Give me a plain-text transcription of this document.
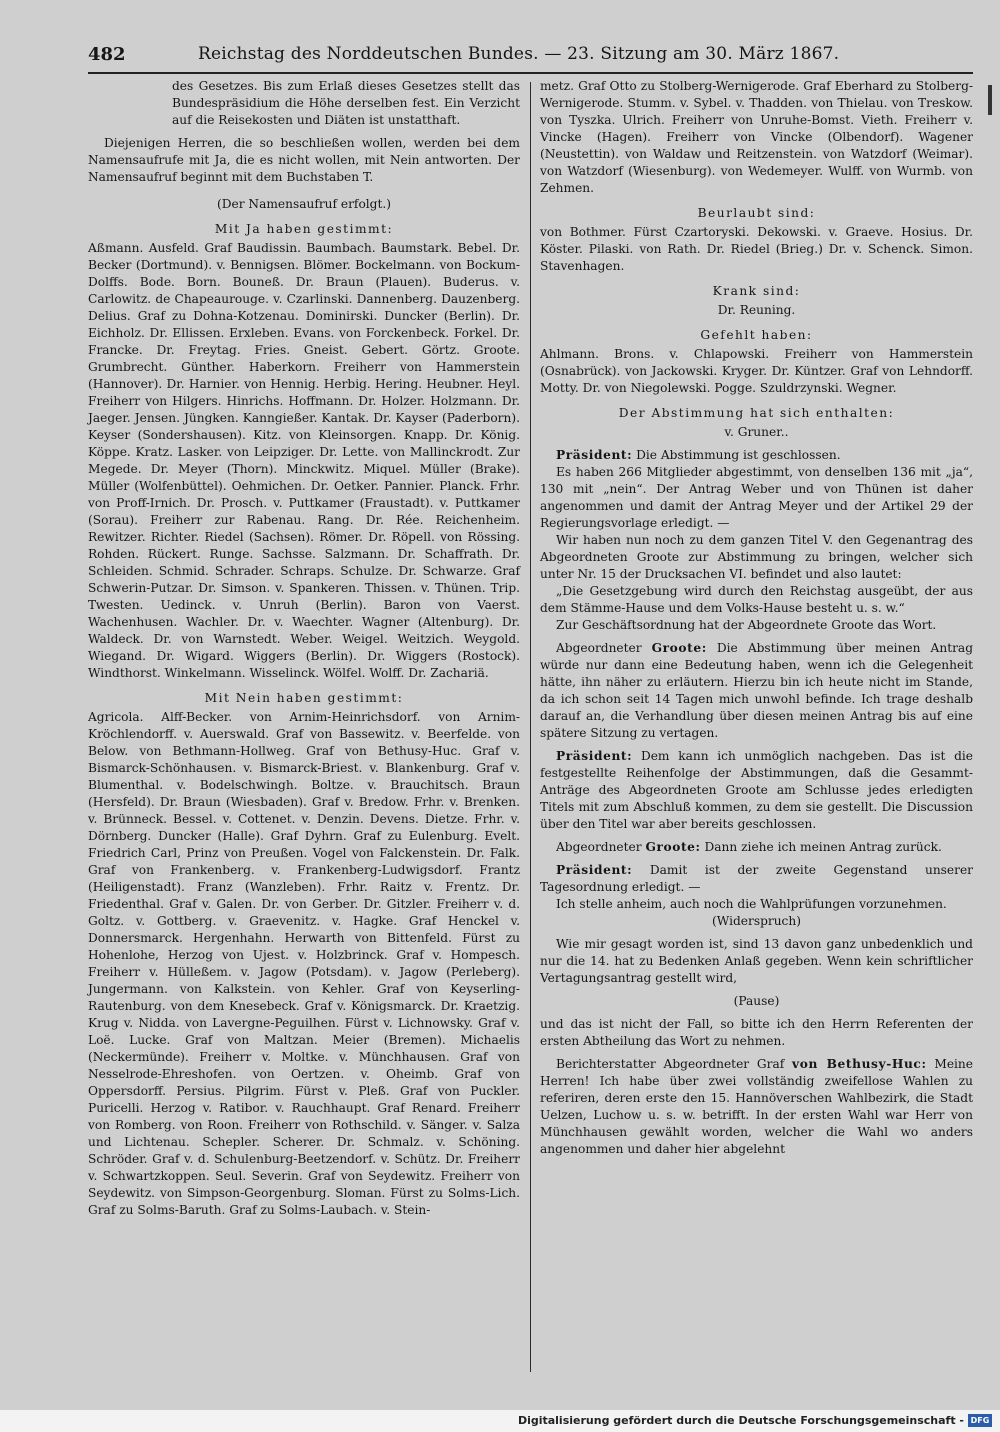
482	Reichstag des Norddeutschen Bundes. — 23. Sitzung am 30. März 1867.

des Gesetzes. Bis zum Erlaß dieses Gesetzes stellt das Bundespräsidium die Höhe derselben fest. Ein Verzicht auf die Reisekosten und Diäten ist unstatthaft.

Diejenigen Herren, die so beschließen wollen, werden bei dem Namensaufrufe mit Ja, die es nicht wollen, mit Nein antworten. Der Namensaufruf beginnt mit dem Buchstaben T.

(Der Namensaufruf erfolgt.)

Mit Ja haben gestimmt:

Aßmann. Ausfeld. Graf Baudissin. Baumbach. Baumstark. Bebel. Dr. Becker (Dortmund). v. Bennigsen. Blömer. Bockelmann. von Bockum-Dolffs. Bode. Born. Bouneß. Dr. Braun (Plauen). Buderus. v. Carlowitz. de Chapeaurouge. v. Czarlinski. Dannenberg. Dauzenberg. Delius. Graf zu Dohna-Kotzenau. Dominirski. Duncker (Berlin). Dr. Eichholz. Dr. Ellissen. Erxleben. Evans. von Forckenbeck. Forkel. Dr. Francke. Dr. Freytag. Fries. Gneist. Gebert. Görtz. Groote. Grumbrecht. Günther. Haberkorn. Freiherr von Hammerstein (Hannover). Dr. Harnier. von Hennig. Herbig. Hering. Heubner. Heyl. Freiherr von Hilgers. Hinrichs. Hoffmann. Dr. Holzer. Holzmann. Dr. Jaeger. Jensen. Jüngken. Kanngießer. Kantak. Dr. Kayser (Paderborn). Keyser (Sondershausen). Kitz. von Kleinsorgen. Knapp. Dr. König. Köppe. Kratz. Lasker. von Leipziger. Dr. Lette. von Mallinckrodt. Zur Megede. Dr. Meyer (Thorn). Minckwitz. Miquel. Müller (Brake). Müller (Wolfenbüttel). Oehmichen. Dr. Oetker. Pannier. Planck. Frhr. von Proff-Irnich. Dr. Prosch. v. Puttkamer (Fraustadt). v. Puttkamer (Sorau). Freiherr zur Rabenau. Rang. Dr. Rée. Reichenheim. Rewitzer. Richter. Riedel (Sachsen). Römer. Dr. Röpell. von Rössing. Rohden. Rückert. Runge. Sachsse. Salzmann. Dr. Schaffrath. Dr. Schleiden. Schmid. Schrader. Schraps. Schulze. Dr. Schwarze. Graf Schwerin-Putzar. Dr. Simson. v. Spankeren. Thissen. v. Thünen. Trip. Twesten. Uedinck. v. Unruh (Berlin). Baron von Vaerst. Wachenhusen. Wachler. Dr. v. Waechter. Wagner (Altenburg). Dr. Waldeck. Dr. von Warnstedt. Weber. Weigel. Weitzich. Weygold. Wiegand. Dr. Wigard. Wiggers (Berlin). Dr. Wiggers (Rostock). Windthorst. Winkelmann. Wisselinck. Wölfel. Wolff. Dr. Zachariä.

Mit Nein haben gestimmt:

Agricola. Alff-Becker. von Arnim-Heinrichsdorf. von Arnim-Kröchlendorff. v. Auerswald. Graf von Bassewitz. v. Beerfelde. von Below. von Bethmann-Hollweg. Graf von Bethusy-Huc. Graf v. Bismarck-Schönhausen. v. Bismarck-Briest. v. Blankenburg. Graf v. Blumenthal. v. Bodelschwingh. Boltze. v. Brauchitsch. Braun (Hersfeld). Dr. Braun (Wiesbaden). Graf v. Bredow. Frhr. v. Brenken. v. Brünneck. Bessel. v. Cottenet. v. Denzin. Devens. Dietze. Frhr. v. Dörnberg. Duncker (Halle). Graf Dyhrn. Graf zu Eulenburg. Evelt. Friedrich Carl, Prinz von Preußen. Vogel von Falckenstein. Dr. Falk. Graf von Frankenberg. v. Frankenberg-Ludwigsdorf. Frantz (Heiligenstadt). Franz (Wanzleben). Frhr. Raitz v. Frentz. Dr. Friedenthal. Graf v. Galen. Dr. von Gerber. Dr. Gitzler. Freiherr v. d. Goltz. v. Gottberg. v. Graevenitz. v. Hagke. Graf Henckel v. Donnersmarck. Hergenhahn. Herwarth von Bittenfeld. Fürst zu Hohenlohe, Herzog von Ujest. v. Holzbrinck. Graf v. Hompesch. Freiherr v. Hülleßem. v. Jagow (Potsdam). v. Jagow (Perleberg). Jungermann. von Kalkstein. von Kehler. Graf von Keyserling-Rautenburg. von dem Knesebeck. Graf v. Königsmarck. Dr. Kraetzig. Krug v. Nidda. von Lavergne-Peguilhen. Fürst v. Lichnowsky. Graf v. Loë. Lucke. Graf von Maltzan. Meier (Bremen). Michaelis (Neckermünde). Freiherr v. Moltke. v. Münchhausen. Graf von Nesselrode-Ehreshofen. von Oertzen. v. Oheimb. Graf von Oppersdorff. Persius. Pilgrim. Fürst v. Pleß. Graf von Puckler. Puricelli. Herzog v. Ratibor. v. Rauchhaupt. Graf Renard. Freiherr von Romberg. von Roon. Freiherr von Rothschild. v. Sänger. v. Salza und Lichtenau. Schepler. Scherer. Dr. Schmalz. v. Schöning. Schröder. Graf v. d. Schulenburg-Beetzendorf. v. Schütz. Dr. Freiherr v. Schwartzkoppen. Seul. Severin. Graf von Seydewitz. Freiherr von Seydewitz. von Simpson-Georgenburg. Sloman. Fürst zu Solms-Lich. Graf zu Solms-Baruth. Graf zu Solms-Laubach. v. Stein-

metz. Graf Otto zu Stolberg-Wernigerode. Graf Eberhard zu Stolberg-Wernigerode. Stumm. v. Sybel. v. Thadden. von Thielau. von Treskow. von Tyszka. Ulrich. Freiherr von Unruhe-Bomst. Vieth. Freiherr v. Vincke (Hagen). Freiherr von Vincke (Olbendorf). Wagener (Neustettin). von Waldaw und Reitzenstein. von Watzdorf (Weimar). von Watzdorf (Wiesenburg). von Wedemeyer. Wulff. von Wurmb. von Zehmen.

Beurlaubt sind:

von Bothmer. Fürst Czartoryski. Dekowski. v. Graeve. Hosius. Dr. Köster. Pilaski. von Rath. Dr. Riedel (Brieg.) Dr. v. Schenck. Simon. Stavenhagen.

Krank sind:

Dr. Reuning.

Gefehlt haben:

Ahlmann. Brons. v. Chlapowski. Freiherr von Hammerstein (Osnabrück). von Jackowski. Kryger. Dr. Küntzer. Graf von Lehndorff. Motty. Dr. von Niegolewski. Pogge. Szuldrzynski. Wegner.

Der Abstimmung hat sich enthalten:

v. Gruner..

Präsident: Die Abstimmung ist geschlossen.

Es haben 266 Mitglieder abgestimmt, von denselben 136 mit „ja“, 130 mit „nein“. Der Antrag Weber und von Thünen ist daher angenommen und damit der Antrag Meyer und der Artikel 29 der Regierungsvorlage erledigt. —

Wir haben nun noch zu dem ganzen Titel V. den Gegenantrag des Abgeordneten Groote zur Abstimmung zu bringen, welcher sich unter Nr. 15 der Drucksachen VI. befindet und also lautet:

„Die Gesetzgebung wird durch den Reichstag ausgeübt, der aus dem Stämme-Hause und dem Volks-Hause besteht u. s. w.“

Zur Geschäftsordnung hat der Abgeordnete Groote das Wort.

Abgeordneter Groote: Die Abstimmung über meinen Antrag würde nur dann eine Bedeutung haben, wenn ich die Gelegenheit hätte, ihn näher zu erläutern. Hierzu bin ich heute nicht im Stande, da ich schon seit 14 Tagen mich unwohl befinde. Ich trage deshalb darauf an, die Verhandlung über diesen meinen Antrag bis auf eine spätere Sitzung zu vertagen.

Präsident: Dem kann ich unmöglich nachgeben. Das ist die festgestellte Reihenfolge der Abstimmungen, daß die Gesammt-Anträge des Abgeordneten Groote am Schlusse jedes erledigten Titels mit zum Abschluß kommen, zu dem sie gestellt. Die Discussion über den Titel war aber bereits geschlossen.

Abgeordneter Groote: Dann ziehe ich meinen Antrag zurück.

Präsident: Damit ist der zweite Gegenstand unserer Tagesordnung erledigt. —

Ich stelle anheim, auch noch die Wahlprüfungen vorzunehmen.

(Widerspruch)

Wie mir gesagt worden ist, sind 13 davon ganz unbedenklich und nur die 14. hat zu Bedenken Anlaß gegeben. Wenn kein schriftlicher Vertagungsantrag gestellt wird,

(Pause)

und das ist nicht der Fall, so bitte ich den Herrn Referenten der ersten Abtheilung das Wort zu nehmen.

Berichterstatter Abgeordneter Graf von Bethusy-Huc: Meine Herren! Ich habe über zwei vollständig zweifellose Wahlen zu referiren, deren erste den 15. Hannöverschen Wahlbezirk, die Stadt Uelzen, Luchow u. s. w. betrifft. In der ersten Wahl war Herr von Münchhausen gewählt worden, welcher die Wahl wo anders angenommen und daher hier abgelehnt

Digitalisierung gefördert durch die Deutsche Forschungsgemeinschaft - DFG
